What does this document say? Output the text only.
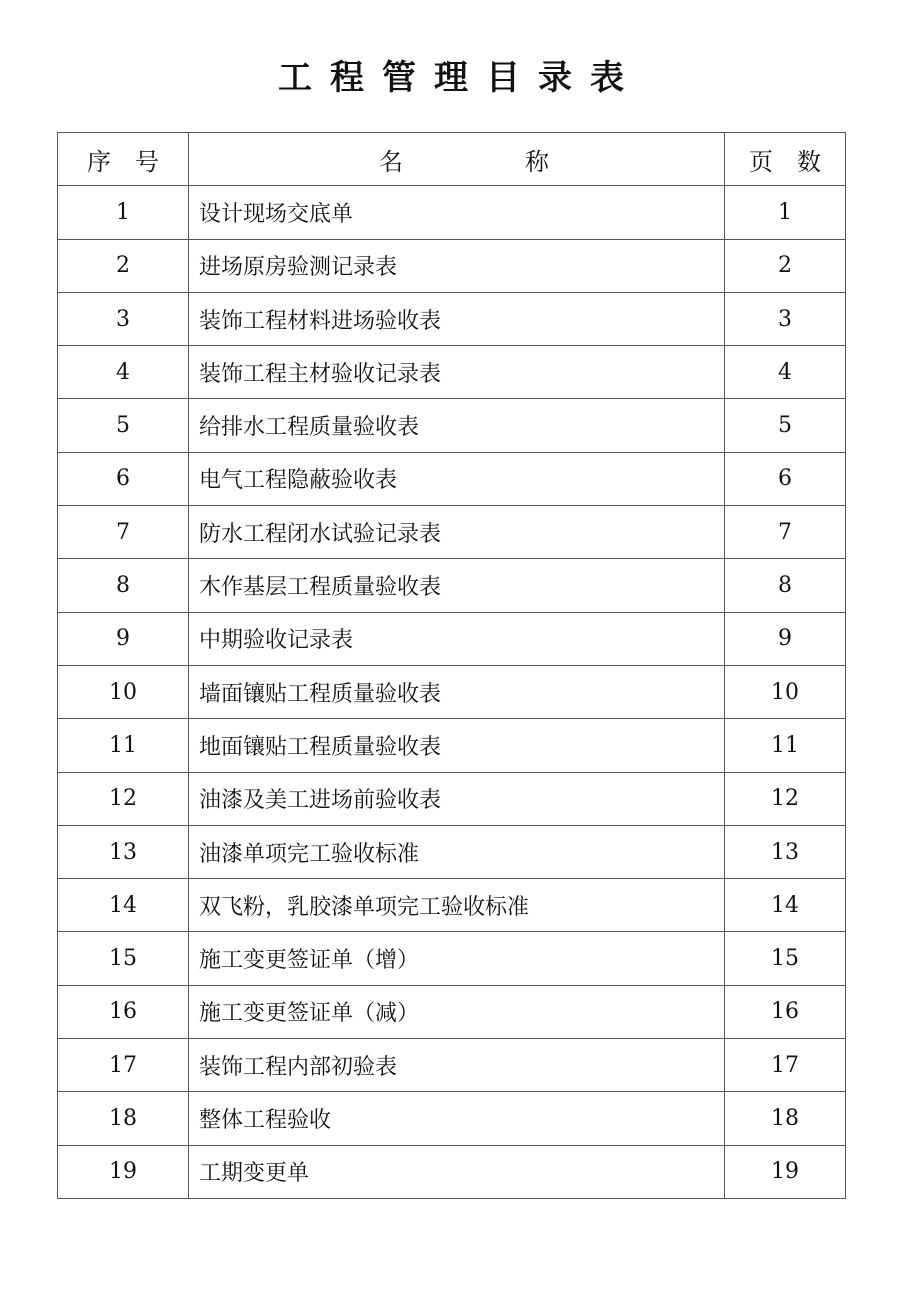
工程管理目录表
序　号	名 称	页　数
1	设计现场交底单	1
2	进场原房验测记录表	2
3	装饰工程材料进场验收表	3
4	装饰工程主材验收记录表	4
5	给排水工程质量验收表	5
6	电气工程隐蔽验收表	6
7	防水工程闭水试验记录表	7
8	木作基层工程质量验收表	8
9	中期验收记录表	9
10	墙面镶贴工程质量验收表	10
11	地面镶贴工程质量验收表	11
12	油漆及美工进场前验收表	12
13	油漆单项完工验收标准	13
14	双飞粉，乳胶漆单项完工验收标准	14
15	施工变更签证单（增）	15
16	施工变更签证单（减）	16
17	装饰工程内部初验表	17
18	整体工程验收	18
19	工期变更单	19
